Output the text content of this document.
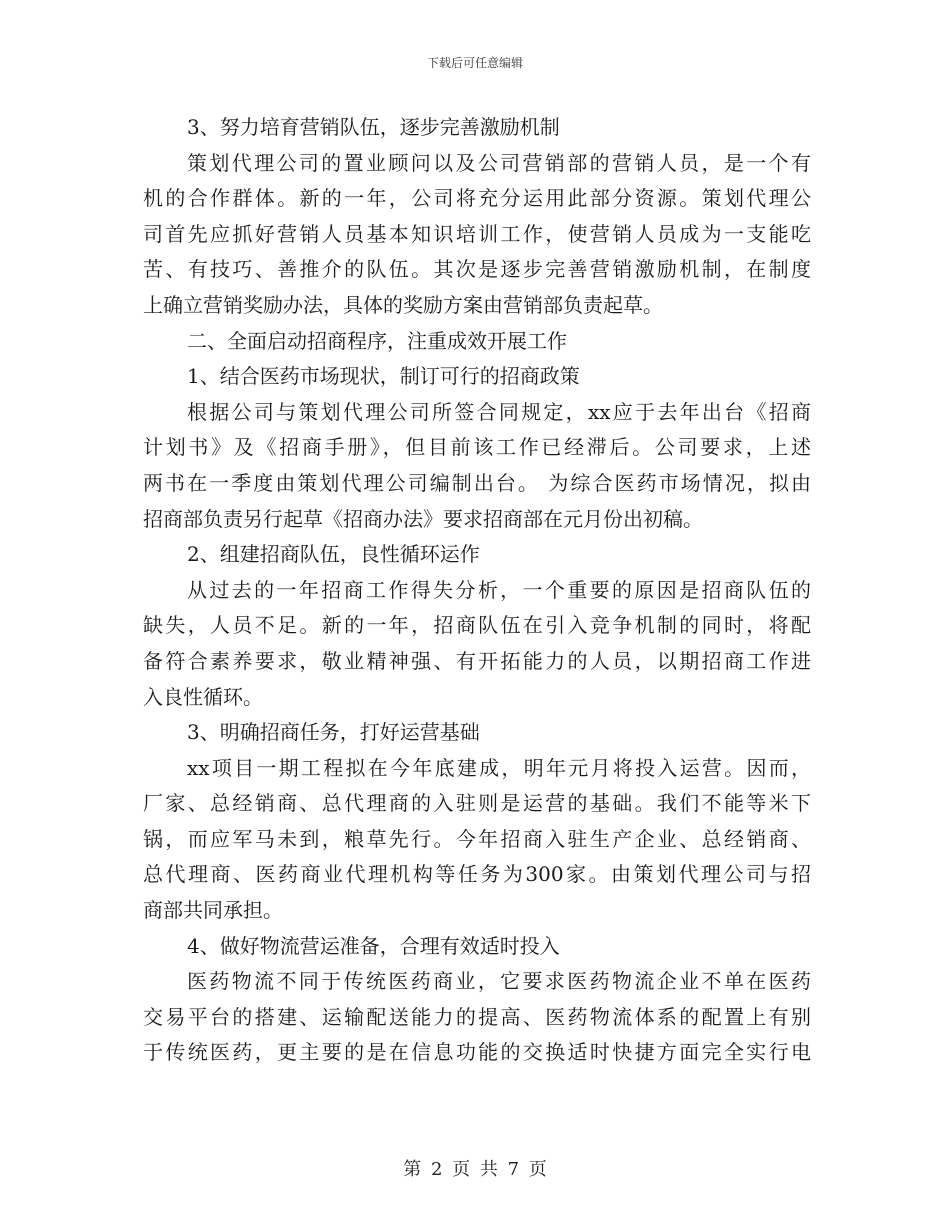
下载后可任意编辑
3、努力培育营销队伍，逐步完善激励机制
策划代理公司的置业顾问以及公司营销部的营销人员，是一个有
机的合作群体。新的一年，公司将充分运用此部分资源。策划代理公
司首先应抓好营销人员基本知识培训工作，使营销人员成为一支能吃
苦、有技巧、善推介的队伍。其次是逐步完善营销激励机制，在制度
上确立营销奖励办法，具体的奖励方案由营销部负责起草。
二、全面启动招商程序，注重成效开展工作
1、结合医药市场现状，制订可行的招商政策
根据公司与策划代理公司所签合同规定，xx应于去年出台《招商
计划书》及《招商手册》，但目前该工作已经滞后。公司要求，上述
两书在一季度由策划代理公司编制出台。 为综合医药市场情况，拟由
招商部负责另行起草《招商办法》要求招商部在元月份出初稿。
2、组建招商队伍，良性循环运作
从过去的一年招商工作得失分析，一个重要的原因是招商队伍的
缺失，人员不足。新的一年，招商队伍在引入竞争机制的同时，将配
备符合素养要求，敬业精神强、有开拓能力的人员，以期招商工作进
入良性循环。
3、明确招商任务，打好运营基础
xx项目一期工程拟在今年底建成，明年元月将投入运营。因而，
厂家、总经销商、总代理商的入驻则是运营的基础。我们不能等米下
锅，而应军马未到，粮草先行。今年招商入驻生产企业、总经销商、
总代理商、医药商业代理机构等任务为300家。由策划代理公司与招
商部共同承担。
4、做好物流营运准备，合理有效适时投入
医药物流不同于传统医药商业，它要求医药物流企业不单在医药
交易平台的搭建、运输配送能力的提高、医药物流体系的配置上有别
于传统医药，更主要的是在信息功能的交换适时快捷方面完全实行电
第 2 页 共 7 页
